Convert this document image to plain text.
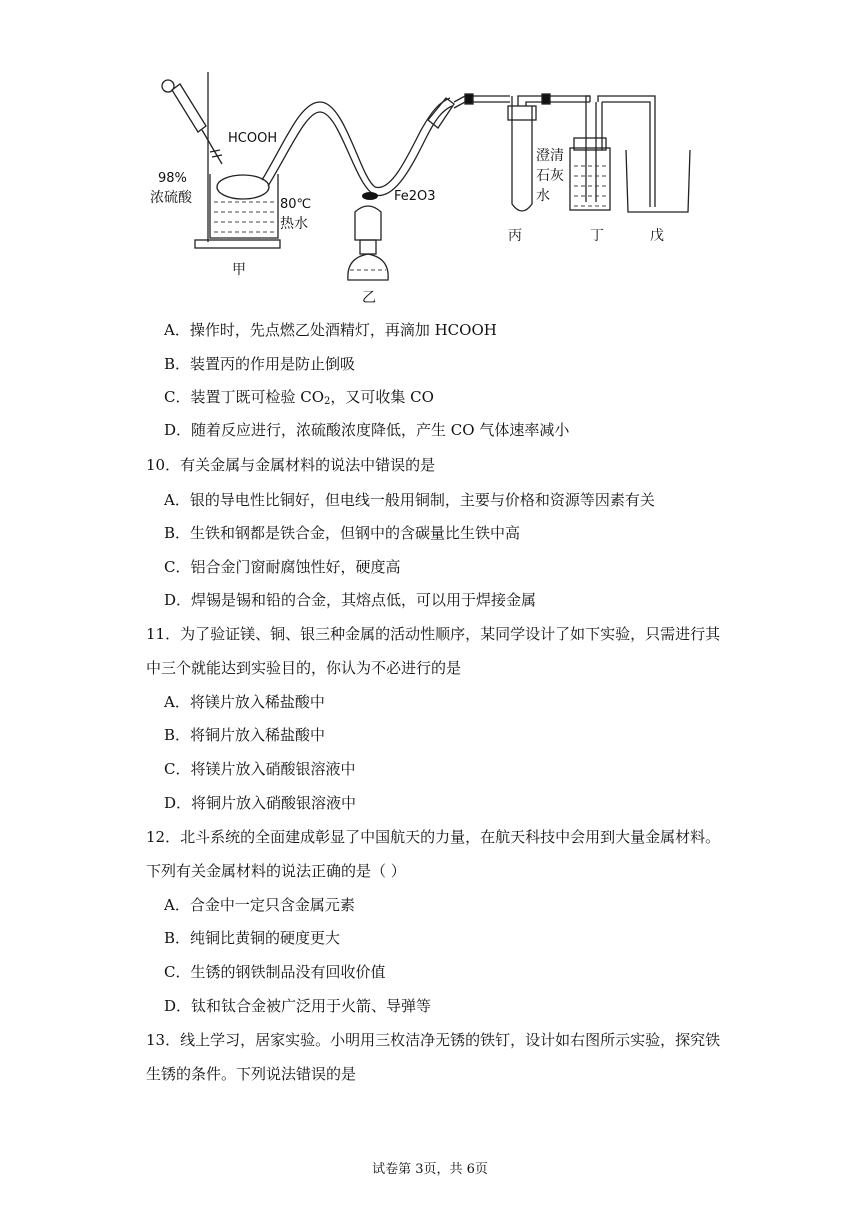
HCOOH
98%
浓硫酸	80℃
热水
Fe2O3
澄清
石灰
水
甲
乙
丙	丁	戊
A．操作时，先点燃乙处酒精灯，再滴加 HCOOH
B．装置丙的作用是防止倒吸
C．装置丁既可检验 $CO_2$，又可收集 CO
D．随着反应进行，浓硫酸浓度降低，产生 CO 气体速率减小
10．有关金属与金属材料的说法中错误的是
A．银的导电性比铜好，但电线一般用铜制，主要与价格和资源等因素有关
B．生铁和钢都是铁合金，但钢中的含碳量比生铁中高
C．铝合金门窗耐腐蚀性好，硬度高
D．焊锡是锡和铅的合金，其熔点低，可以用于焊接金属
11．为了验证镁、铜、银三种金属的活动性顺序，某同学设计了如下实验，只需进行其
中三个就能达到实验目的，你认为不必进行的是
A．将镁片放入稀盐酸中
B．将铜片放入稀盐酸中
C．将镁片放入硝酸银溶液中
D．将铜片放入硝酸银溶液中
12．北斗系统的全面建成彰显了中国航天的力量，在航天科技中会用到大量金属材料。
下列有关金属材料的说法正确的是（ ）
A．合金中一定只含金属元素
B．纯铜比黄铜的硬度更大
C．生锈的钢铁制品没有回收价值
D．钛和钛合金被广泛用于火箭、导弹等
13．线上学习，居家实验。小明用三枚洁净无锈的铁钉，设计如右图所示实验，探究铁
生锈的条件。下列说法错误的是
试卷第 3页，共 6页
